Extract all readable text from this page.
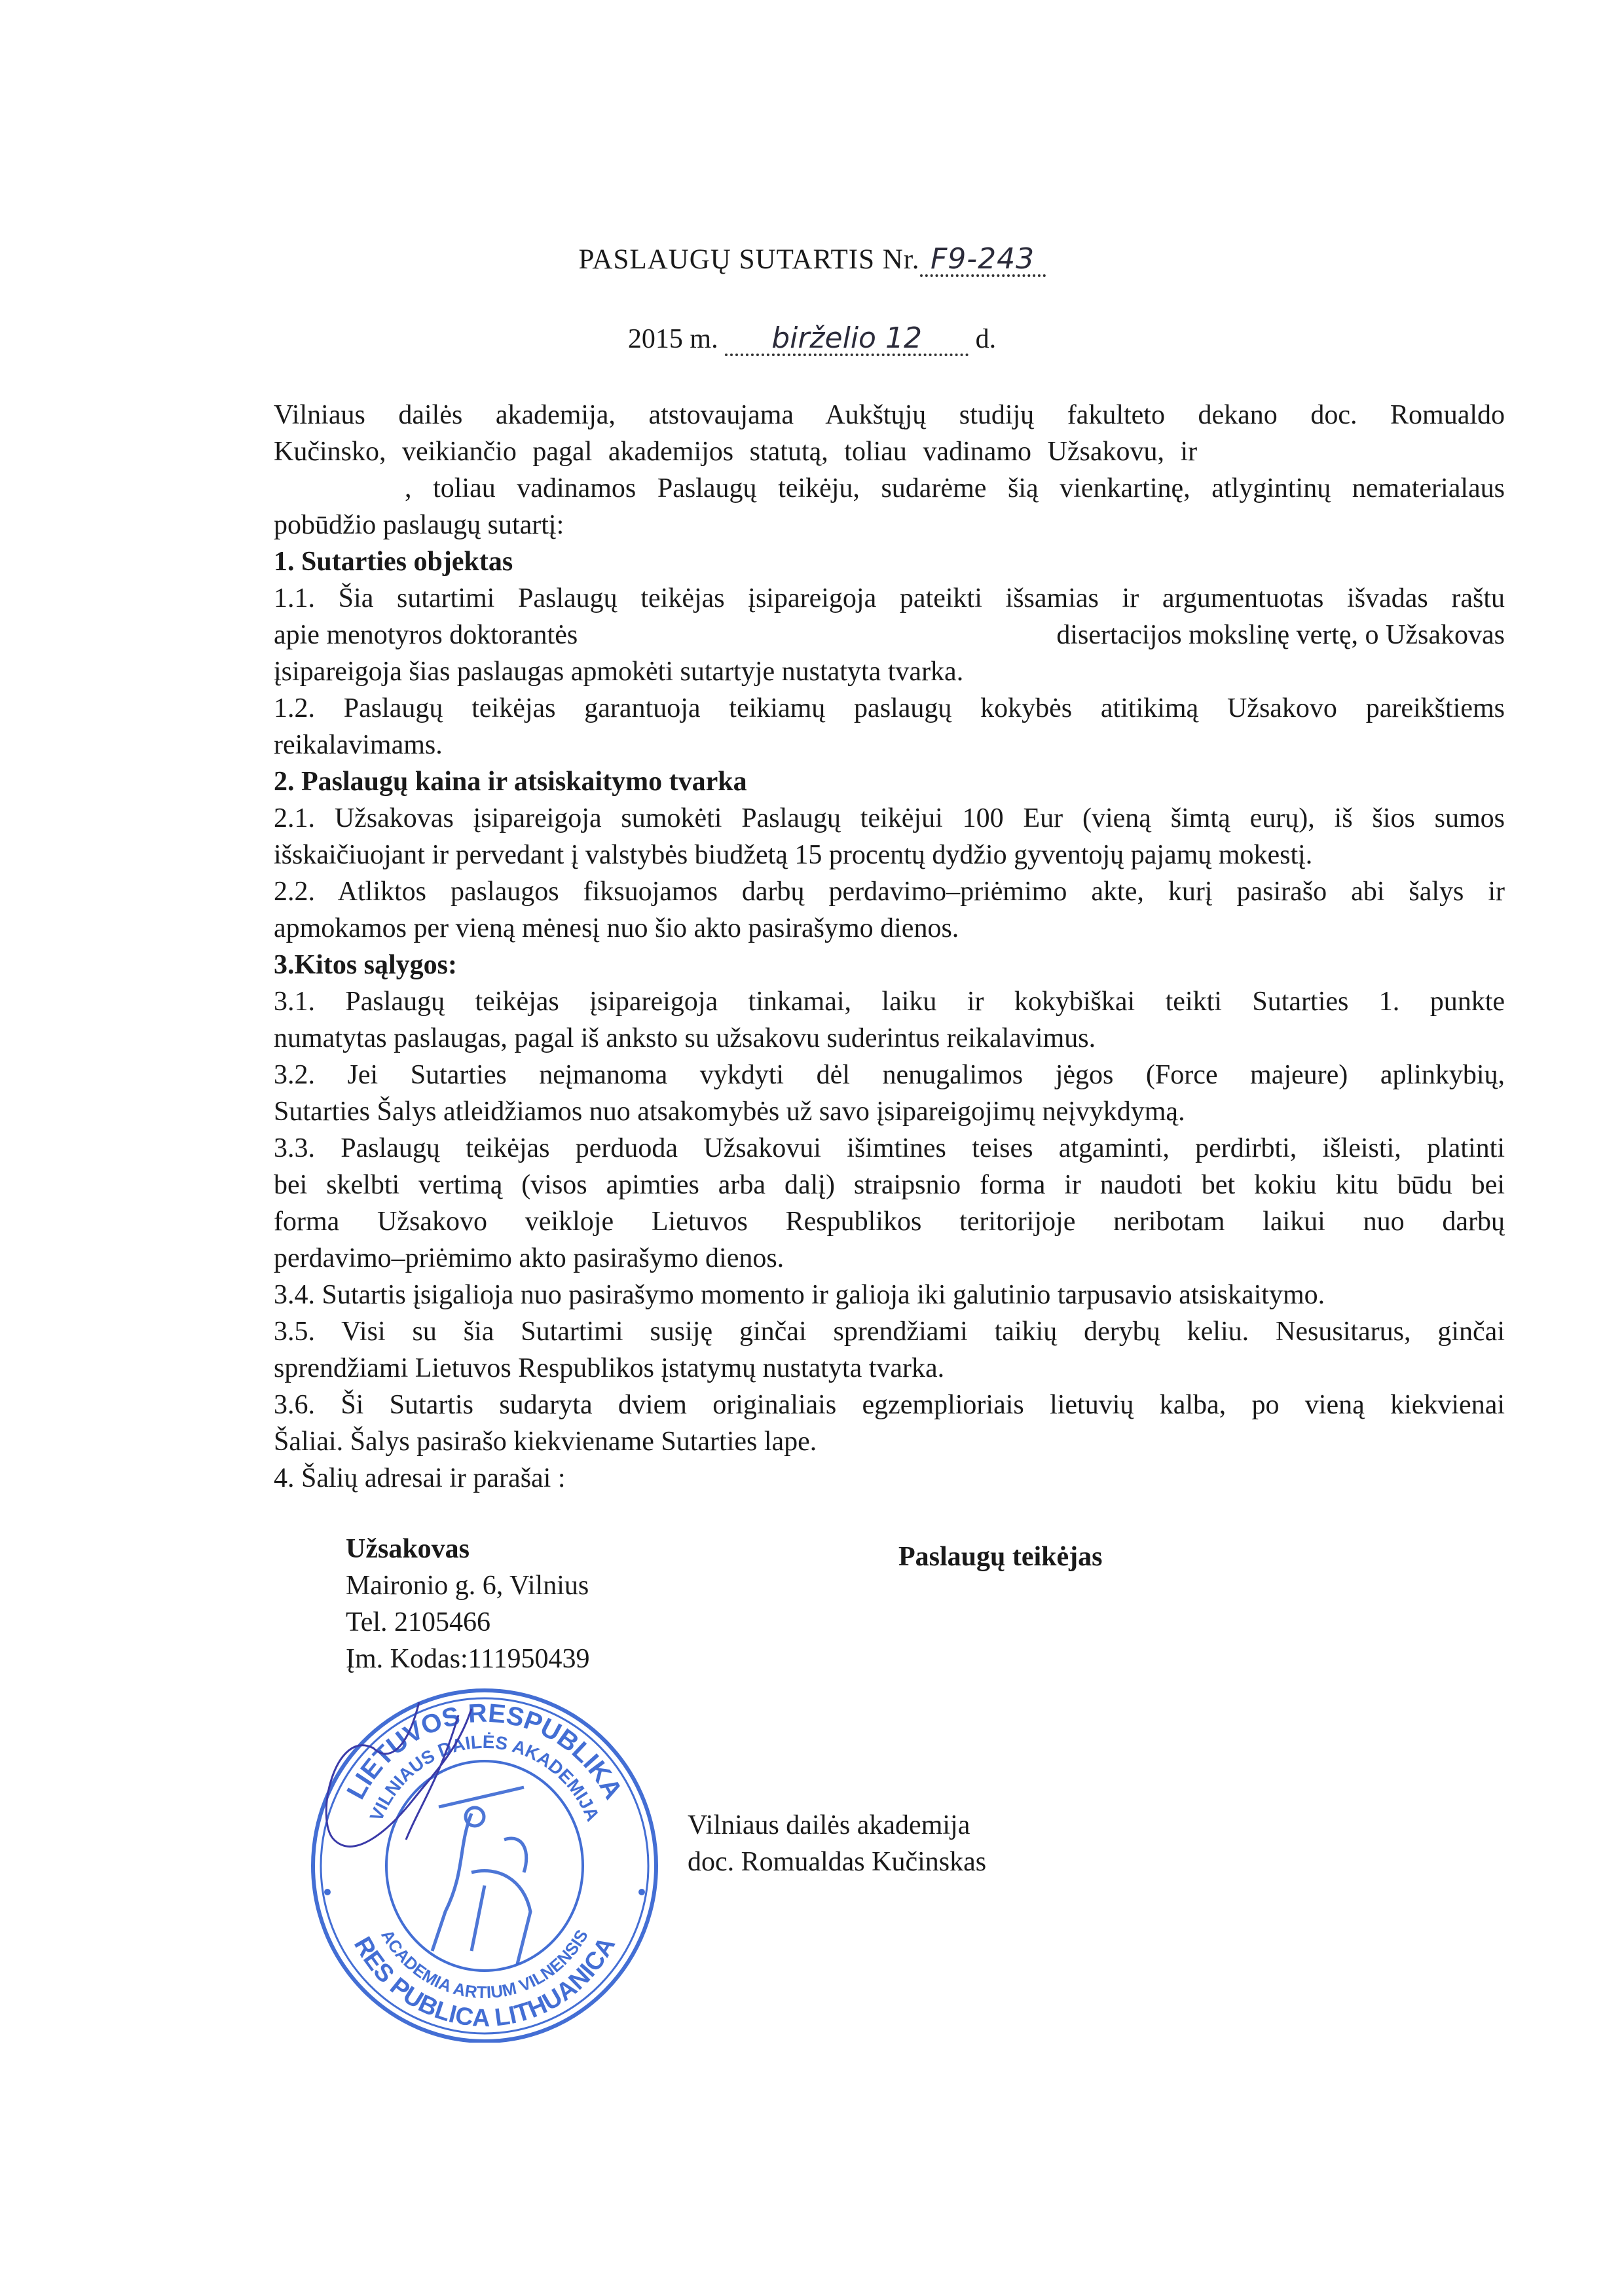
PASLAUGŲ SUTARTIS Nr. F9-243
2015 m. birželio 12 d.
Vilniaus dailės akademija, atstovaujama Aukštųjų studijų fakulteto dekano doc. Romualdo
Kučinsko, veikiančio pagal akademijos statutą, toliau vadinamo Užsakovu, ir
, toliau vadinamos Paslaugų teikėju, sudarėme šią vienkartinę, atlygintinų nematerialaus
pobūdžio paslaugų sutartį:
1. Sutarties objektas
1.1. Šia sutartimi Paslaugų teikėjas įsipareigoja pateikti išsamias ir argumentuotas išvadas raštu
apie menotyros doktorantės	disertacijos mokslinę vertę, o Užsakovas
įsipareigoja šias paslaugas apmokėti sutartyje nustatyta tvarka.
1.2. Paslaugų teikėjas garantuoja teikiamų paslaugų kokybės atitikimą Užsakovo pareikštiems
reikalavimams.
2. Paslaugų kaina ir atsiskaitymo tvarka
2.1. Užsakovas įsipareigoja sumokėti Paslaugų teikėjui 100 Eur (vieną šimtą eurų), iš šios sumos
išskaičiuojant ir pervedant į valstybės biudžetą 15 procentų dydžio gyventojų pajamų mokestį.
2.2. Atliktos paslaugos fiksuojamos darbų perdavimo–priėmimo akte, kurį pasirašo abi šalys ir
apmokamos per vieną mėnesį nuo šio akto pasirašymo dienos.
3.Kitos sąlygos:
3.1. Paslaugų teikėjas įsipareigoja tinkamai, laiku ir kokybiškai teikti Sutarties 1. punkte
numatytas paslaugas, pagal iš anksto su užsakovu suderintus reikalavimus.
3.2. Jei Sutarties neįmanoma vykdyti dėl nenugalimos jėgos (Force majeure) aplinkybių,
Sutarties Šalys atleidžiamos nuo atsakomybės už savo įsipareigojimų neįvykdymą.
3.3. Paslaugų teikėjas perduoda Užsakovui išimtines teises atgaminti, perdirbti, išleisti, platinti
bei skelbti vertimą (visos apimties arba dalį) straipsnio forma ir naudoti bet kokiu kitu būdu bei
forma Užsakovo veikloje Lietuvos Respublikos teritorijoje neribotam laikui nuo darbų
perdavimo–priėmimo akto pasirašymo dienos.
3.4. Sutartis įsigalioja nuo pasirašymo momento ir galioja iki galutinio tarpusavio atsiskaitymo.
3.5. Visi su šia Sutartimi susiję ginčai sprendžiami taikių derybų keliu. Nesusitarus, ginčai
sprendžiami Lietuvos Respublikos įstatymų nustatyta tvarka.
3.6. Ši Sutartis sudaryta dviem originaliais egzemplioriais lietuvių kalba, po vieną kiekvienai
Šaliai. Šalys pasirašo kiekviename Sutarties lape.
4. Šalių adresai ir parašai :
Užsakovas
Maironio g. 6, Vilnius
Tel. 2105466
Įm. Kodas:111950439
Paslaugų teikėjas
LIETUVOS RESPUBLIKA
RES PUBLICA LITHUANICA
VILNIAUS DAILĖS AKADEMIJA
ACADEMIA ARTIUM VILNENSIS
Vilniaus dailės akademija
doc. Romualdas Kučinskas
